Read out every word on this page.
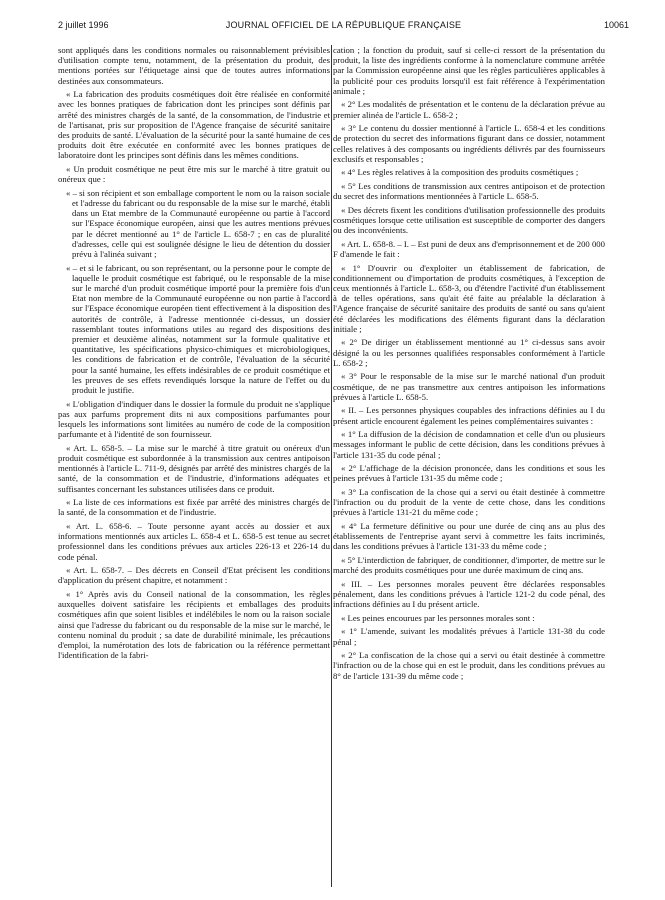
2 juillet 1996	JOURNAL OFFICIEL DE LA RÉPUBLIQUE FRANÇAISE	10061

sont appliqués dans les conditions normales ou raisonnablement prévisibles d'utilisation compte tenu, notamment, de la présentation du produit, des mentions portées sur l'étiquetage ainsi que de toutes autres informations destinées aux consommateurs.

« La fabrication des produits cosmétiques doit être réalisée en conformité avec les bonnes pratiques de fabrication dont les principes sont définis par arrêté des ministres chargés de la santé, de la consommation, de l'industrie et de l'artisanat, pris sur proposition de l'Agence française de sécurité sanitaire des produits de santé. L'évaluation de la sécurité pour la santé humaine de ces produits doit être exécutée en conformité avec les bonnes pratiques de laboratoire dont les principes sont définis dans les mêmes conditions.

« Un produit cosmétique ne peut être mis sur le marché à titre gratuit ou onéreux que :

« – si son récipient et son emballage comportent le nom ou la raison sociale et l'adresse du fabricant ou du responsable de la mise sur le marché, établi dans un Etat membre de la Communauté européenne ou partie à l'accord sur l'Espace économique européen, ainsi que les autres mentions prévues par le décret mentionné au 1° de l'article L. 658-7 ; en cas de pluralité d'adresses, celle qui est soulignée désigne le lieu de détention du dossier prévu à l'alinéa suivant ;

« – et si le fabricant, ou son représentant, ou la personne pour le compte de laquelle le produit cosmétique est fabriqué, ou le responsable de la mise sur le marché d'un produit cosmétique importé pour la première fois d'un Etat non membre de la Communauté européenne ou non partie à l'accord sur l'Espace économique européen tient effectivement à la disposition des autorités de contrôle, à l'adresse mentionnée ci-dessus, un dossier rassemblant toutes informations utiles au regard des dispositions des premier et deuxième alinéas, notamment sur la formule qualitative et quantitative, les spécifications physico-chimiques et microbiologiques, les conditions de fabrication et de contrôle, l'évaluation de la sécurité pour la santé humaine, les effets indésirables de ce produit cosmétique et les preuves de ses effets revendiqués lorsque la nature de l'effet ou du produit le justifie.

« L'obligation d'indiquer dans le dossier la formule du produit ne s'applique pas aux parfums proprement dits ni aux compositions parfumantes pour lesquels les informations sont limitées au numéro de code de la composition parfumante et à l'identité de son fournisseur.

« Art. L. 658-5. – La mise sur le marché à titre gratuit ou onéreux d'un produit cosmétique est subordonnée à la transmission aux centres antipoison mentionnés à l'article L. 711-9, désignés par arrêté des ministres chargés de la santé, de la consommation et de l'industrie, d'informations adéquates et suffisantes concernant les substances utilisées dans ce produit.

« La liste de ces informations est fixée par arrêté des ministres chargés de la santé, de la consommation et de l'industrie.

« Art. L. 658-6. – Toute personne ayant accès au dossier et aux informations mentionnés aux articles L. 658-4 et L. 658-5 est tenue au secret professionnel dans les conditions prévues aux articles 226-13 et 226-14 du code pénal.

« Art. L. 658-7. – Des décrets en Conseil d'Etat précisent les conditions d'application du présent chapitre, et notamment :

« 1° Après avis du Conseil national de la consommation, les règles auxquelles doivent satisfaire les récipients et emballages des produits cosmétiques afin que soient lisibles et indélébiles le nom ou la raison sociale ainsi que l'adresse du fabricant ou du responsable de la mise sur le marché, le contenu nominal du produit ; sa date de durabilité minimale, les précautions d'emploi, la numérotation des lots de fabrication ou la référence permettant l'identification de la fabri-

cation ; la fonction du produit, sauf si celle-ci ressort de la présentation du produit, la liste des ingrédients conforme à la nomenclature commune arrêtée par la Commission européenne ainsi que les règles particulières applicables à la publicité pour ces produits lorsqu'il est fait référence à l'expérimentation animale ;

« 2° Les modalités de présentation et le contenu de la déclaration prévue au premier alinéa de l'article L. 658-2 ;

« 3° Le contenu du dossier mentionné à l'article L. 658-4 et les conditions de protection du secret des informations figurant dans ce dossier, notamment celles relatives à des composants ou ingrédients délivrés par des fournisseurs exclusifs et responsables ;

« 4° Les règles relatives à la composition des produits cosmétiques ;

« 5° Les conditions de transmission aux centres antipoison et de protection du secret des informations mentionnées à l'article L. 658-5.

« Des décrets fixent les conditions d'utilisation professionnelle des produits cosmétiques lorsque cette utilisation est susceptible de comporter des dangers ou des inconvénients.

« Art. L. 658-8. – I. – Est puni de deux ans d'emprisonnement et de 200 000 F d'amende le fait :

« 1° D'ouvrir ou d'exploiter un établissement de fabrication, de conditionnement ou d'importation de produits cosmétiques, à l'exception de ceux mentionnés à l'article L. 658-3, ou d'étendre l'activité d'un établissement à de telles opérations, sans qu'ait été faite au préalable la déclaration à l'Agence française de sécurité sanitaire des produits de santé ou sans qu'aient été déclarées les modifications des éléments figurant dans la déclaration initiale ;

« 2° De diriger un établissement mentionné au 1° ci-dessus sans avoir désigné la ou les personnes qualifiées responsables conformément à l'article L. 658-2 ;

« 3° Pour le responsable de la mise sur le marché national d'un produit cosmétique, de ne pas transmettre aux centres antipoison les informations prévues à l'article L. 658-5.

« II. – Les personnes physiques coupables des infractions définies au I du présent article encourent également les peines complémentaires suivantes :

« 1° La diffusion de la décision de condamnation et celle d'un ou plusieurs messages informant le public de cette décision, dans les conditions prévues à l'article 131-35 du code pénal ;

« 2° L'affichage de la décision prononcée, dans les conditions et sous les peines prévues à l'article 131-35 du même code ;

« 3° La confiscation de la chose qui a servi ou était destinée à commettre l'infraction ou du produit de la vente de cette chose, dans les conditions prévues à l'article 131-21 du même code ;

« 4° La fermeture définitive ou pour une durée de cinq ans au plus des établissements de l'entreprise ayant servi à commettre les faits incriminés, dans les conditions prévues à l'article 131-33 du même code ;

« 5° L'interdiction de fabriquer, de conditionner, d'importer, de mettre sur le marché des produits cosmétiques pour une durée maximum de cinq ans.

« III. – Les personnes morales peuvent être déclarées responsables pénalement, dans les conditions prévues à l'article 121-2 du code pénal, des infractions définies au I du présent article.

« Les peines encourues par les personnes morales sont :

« 1° L'amende, suivant les modalités prévues à l'article 131-38 du code pénal ;

« 2° La confiscation de la chose qui a servi ou était destinée à commettre l'infraction ou de la chose qui en est le produit, dans les conditions prévues au 8° de l'article 131-39 du même code ;
